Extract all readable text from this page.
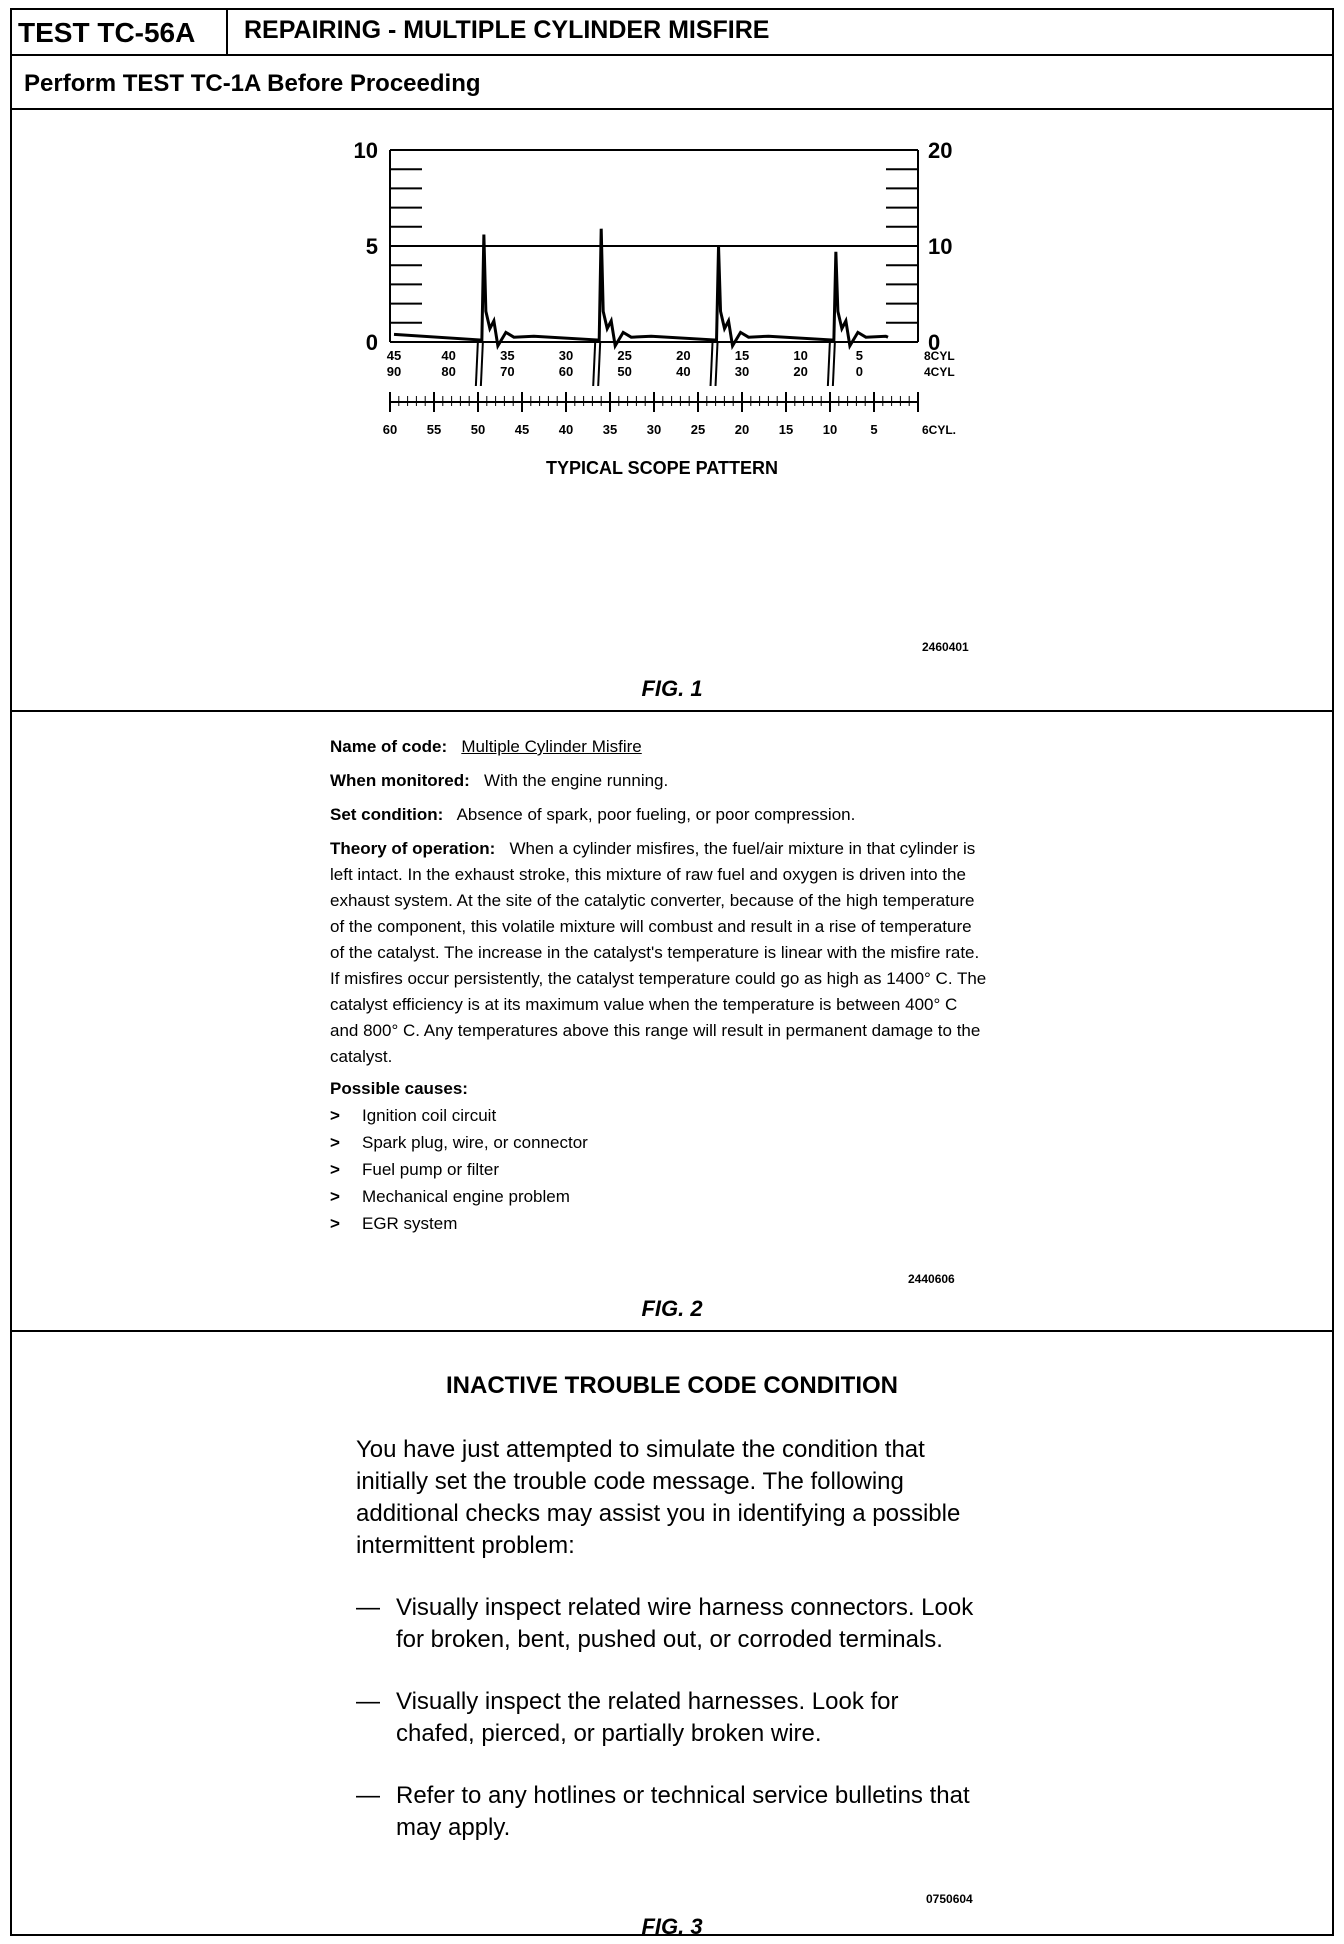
TEST TC-56A	REPAIRING - MULTIPLE CYLINDER MISFIRE
Perform TEST TC-1A Before Proceeding
0	0
5	10
10	20
45
90
40
80
35
70
30
60
25
50
20
40
15
30
10
20
5
0
8CYL
4CYL
60 55 50 45 40 35 30 25 20 15 10	5	6CYL.
TYPICAL SCOPE PATTERN
2460401
FIG. 1

Name of code: Multiple Cylinder Misfire

When monitored: With the engine running.

Set condition: Absence of spark, poor fueling, or poor compression.

Theory of operation: When a cylinder misfires, the fuel/air mixture in that cylinder is left intact. In the exhaust stroke, this mixture of raw fuel and oxygen is driven into the exhaust system. At the site of the catalytic converter, because of the high temperature of the component, this volatile mixture will combust and result in a rise of temperature of the catalyst. The increase in the catalyst's temperature is linear with the misfire rate. If misfires occur persistently, the catalyst temperature could go as high as 1400° C. The catalyst efficiency is at its maximum value when the temperature is between 400° C and 800° C. Any temperatures above this range will result in permanent damage to the catalyst.

Possible causes:

> Ignition coil circuit
> Spark plug, wire, or connector
> Fuel pump or filter
> Mechanical engine problem
> EGR system
2440606
FIG. 2
INACTIVE TROUBLE CODE CONDITION
You have just attempted to simulate the condition that initially set the trouble code message. The following additional checks may assist you in identifying a possible intermittent problem:
— Visually inspect related wire harness connectors. Look for broken, bent, pushed out, or corroded terminals.
— Visually inspect the related harnesses. Look for chafed, pierced, or partially broken wire.
— Refer to any hotlines or technical service bulletins that may apply.
0750604
FIG. 3
